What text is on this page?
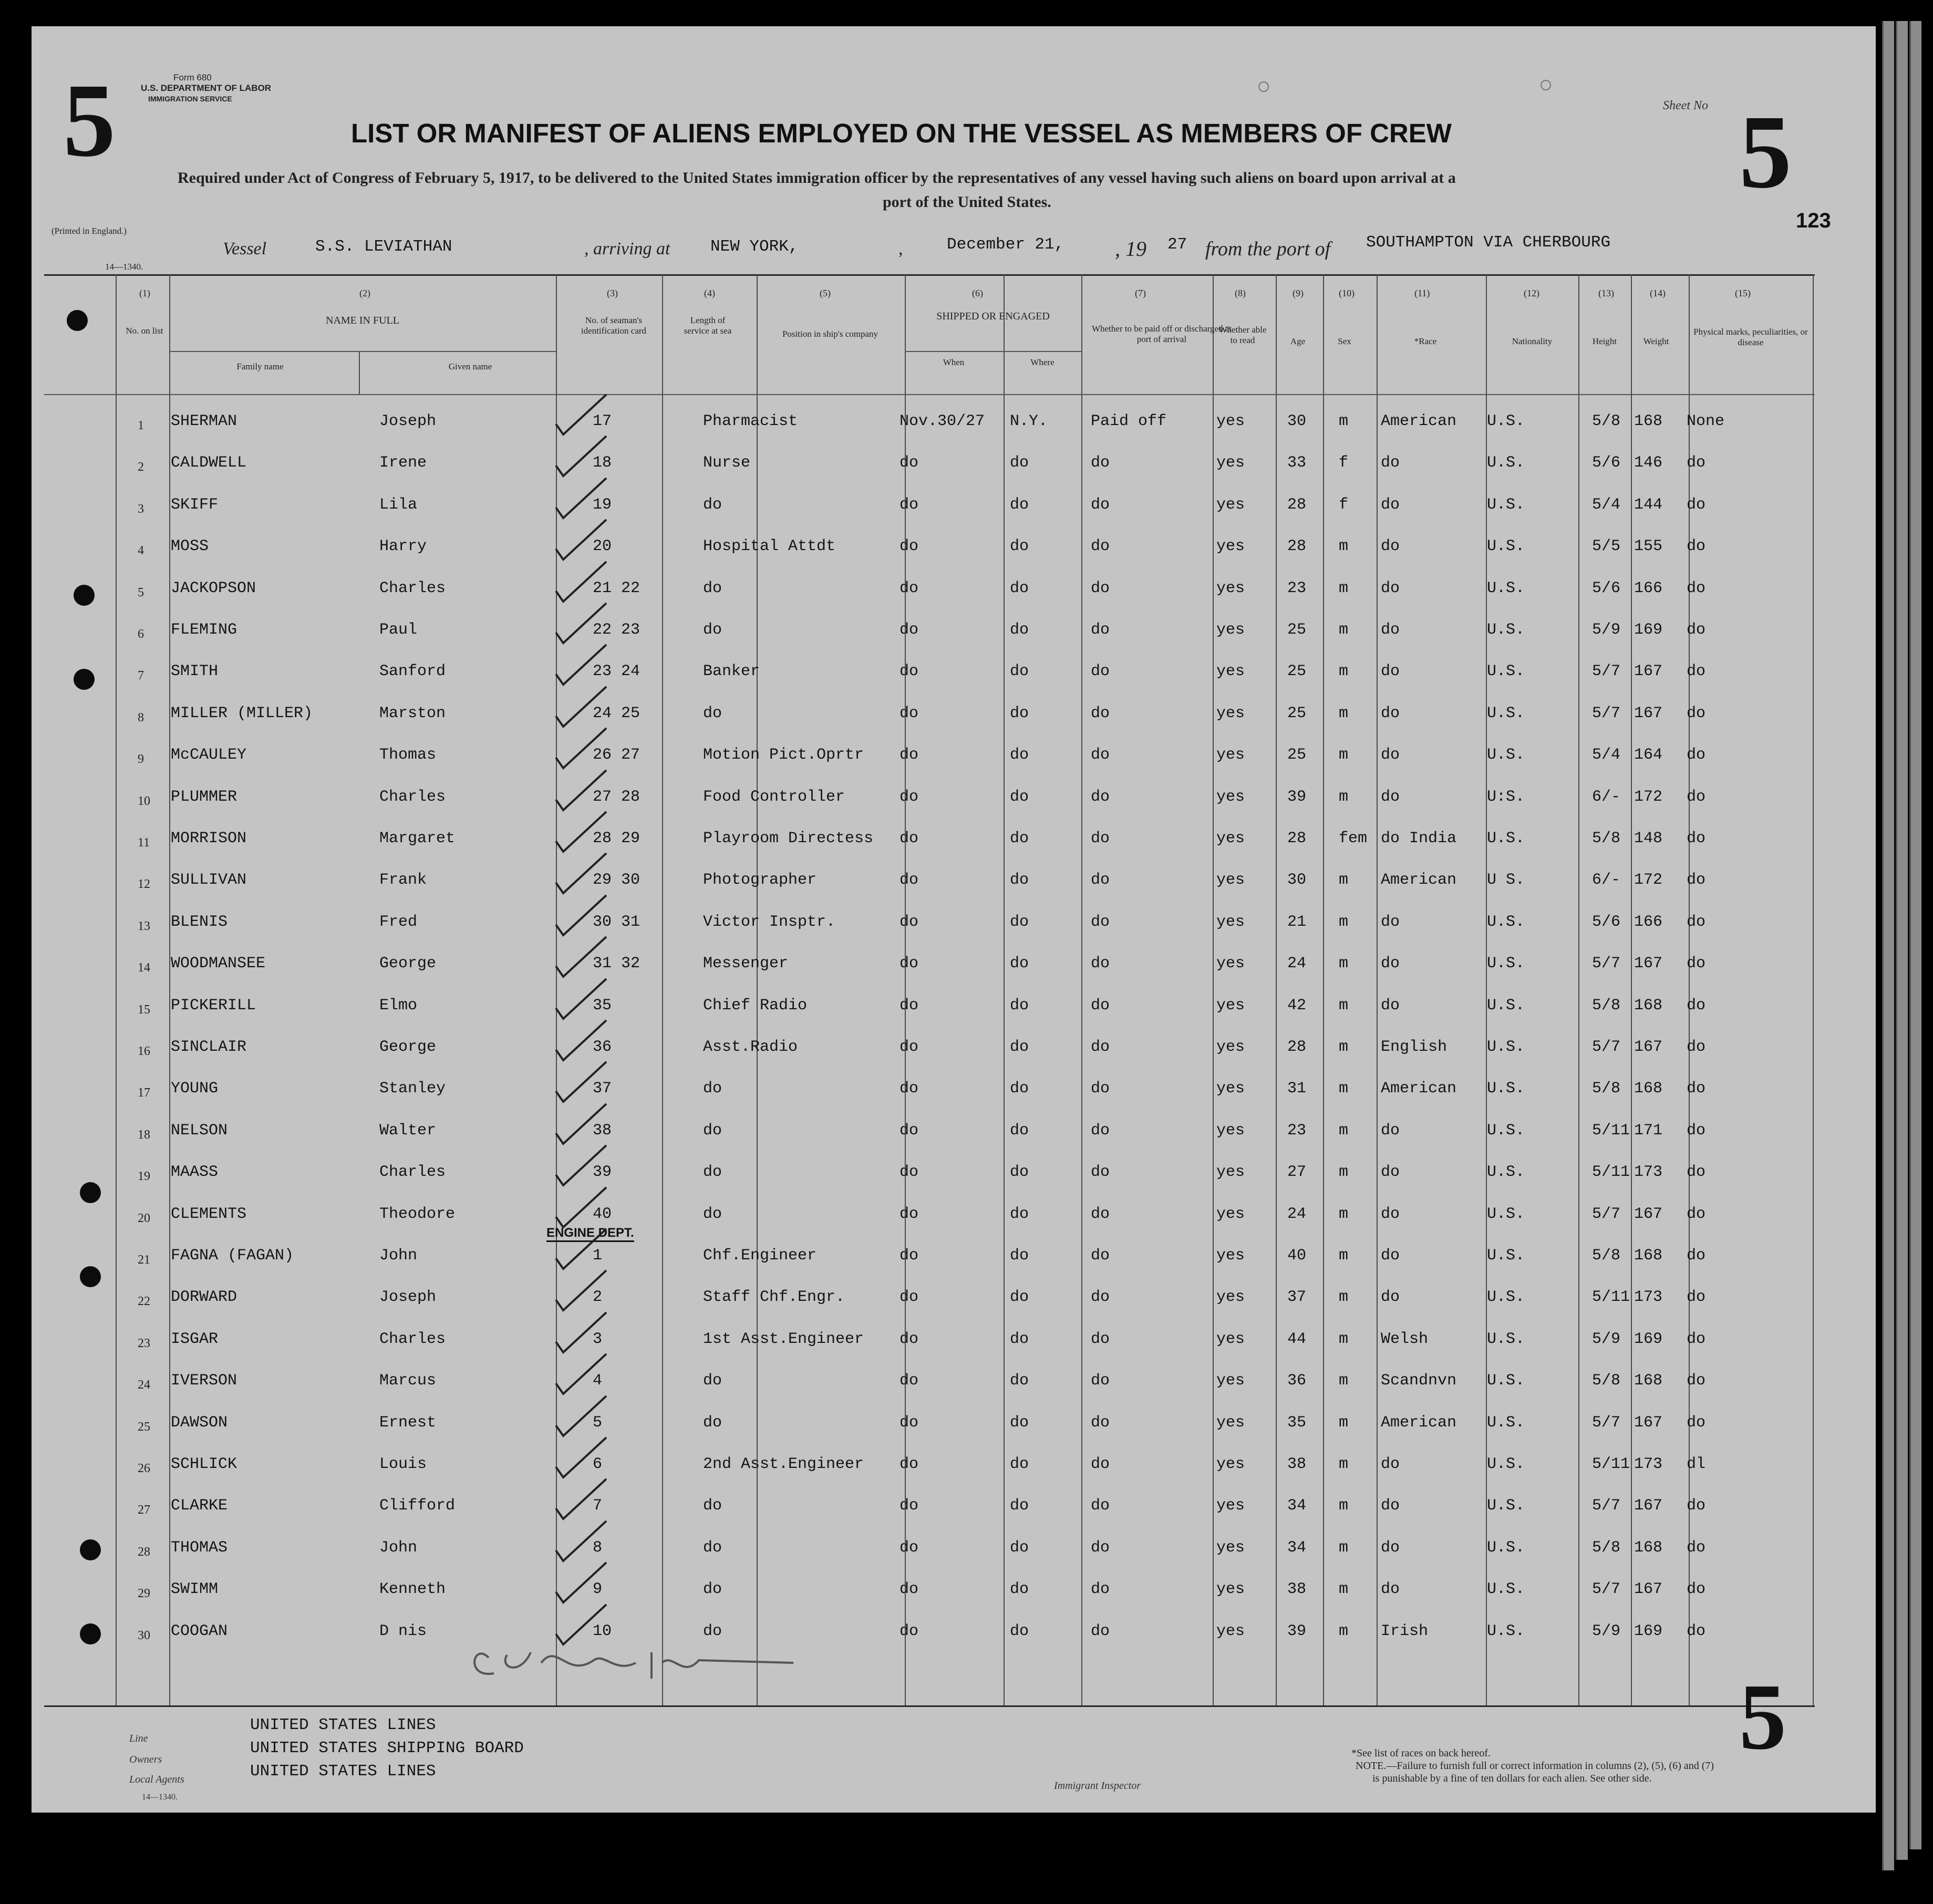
5	Form 680
U.S. DEPARTMENT OF LABOR
IMMIGRATION SERVICE	Sheet No 5
123
LIST OR MANIFEST OF ALIENS EMPLOYED ON THE VESSEL AS MEMBERS OF CREW
Required under Act of Congress of February 5, 1917, to be delivered to the United States immigration officer by the representatives of any vessel having such aliens on board upon arrival at a
port of the United States.
(Printed in England.)
14—1340.
Vessel	S.S. LEVIATHAN	, arriving at NEW YORK,	,	December 21, , 19 27 from the port of SOUTHAMPTON VIA CHERBOURG
(1)	(2)	(3)	(4)	(5)	(6)	(7)	(8)	(9)	(10)	(11)	(12)	(13)	(14)	(15)
No. on list
NAME IN FULL
Family name	Given name
No. of seaman's identification card
Length of service at sea	Position in ship's company
SHIPPED OR ENGAGED
When	Where
Whether to be paid off or discharged at port of arrival
Whether able to read	Age	Sex	*Race	Nationality	Height	Weight
Physical marks, peculiarities, or disease
ENGINE DEPT.
1 SHERMAN	Joseph	17	Pharmacist	Nov.30/27 N.Y.	Paid off	yes	30 m American U.S.	5/8 168 None
2 CALDWELL	Irene	18	Nurse	do	do	do	yes	33 f do	U.S.	5/6 146 do
3 SKIFF	Lila	19	do	do	do	do	yes	28 f do	U.S.	5/4 144 do
4 MOSS	Harry	20	Hospital Attdt	do	do	do	yes	28 m do	U.S.	5/5 155 do
5 JACKOPSON	Charles	21 22	do	do	do	do	yes	23 m do	U.S.	5/6 166 do
6 FLEMING	Paul	22 23	do	do	do	do	yes	25 m do	U.S.	5/9 169 do
7 SMITH	Sanford	23 24	Banker	do	do	do	yes	25 m do	U.S.	5/7 167 do
8 MILLER (MILLER)	Marston	24 25	do	do	do	do	yes	25 m do	U.S.	5/7 167 do
9 McCAULEY	Thomas	26 27	Motion Pict.Oprtr do	do	do	yes	25 m do	U.S.	5/4 164 do
10 PLUMMER	Charles	27 28	Food Controller	do	do	do	yes	39 m do	U:S.	6/- 172 do
11 MORRISON	Margaret	28 29	Playroom Directess do	do	do	yes	28 fem do India U.S.	5/8 148 do
12 SULLIVAN	Frank	29 30	Photographer	do	do	do	yes	30 m American U S.	6/- 172 do
13 BLENIS	Fred	30 31	Victor Insptr.	do	do	do	yes	21 m do	U.S.	5/6 166 do
14 WOODMANSEE	George	31 32	Messenger	do	do	do	yes	24 m do	U.S.	5/7 167 do
15 PICKERILL	Elmo	35	Chief Radio	do	do	do	yes	42 m do	U.S.	5/8 168 do
16 SINCLAIR	George	36	Asst.Radio	do	do	do	yes	28 m English	U.S.	5/7 167 do
17 YOUNG	Stanley	37	do	do	do	do	yes	31 m American U.S.	5/8 168 do
18 NELSON	Walter	38	do	do	do	do	yes	23 m do	U.S.	5/11 171 do
19 MAASS	Charles	39	do	do	do	do	yes	27 m do	U.S.	5/11 173 do
20 CLEMENTS	Theodore	40	do	do	do	do	yes	24 m do	U.S.	5/7 167 do
21 FAGNA (FAGAN)	John	1	Chf.Engineer	do	do	do	yes	40 m do	U.S.	5/8 168 do
22 DORWARD	Joseph	2	Staff Chf.Engr.	do	do	do	yes	37 m do	U.S.	5/11 173 do
23 ISGAR	Charles	3	1st Asst.Engineer do	do	do	yes	44 m Welsh	U.S.	5/9 169 do
24 IVERSON	Marcus	4	do	do	do	do	yes	36 m Scandnvn U.S.	5/8 168 do
25 DAWSON	Ernest	5	do	do	do	do	yes	35 m American U.S.	5/7 167 do
26 SCHLICK	Louis	6	2nd Asst.Engineer do	do	do	yes	38 m do	U.S.	5/11 173 dl
27 CLARKE	Clifford	7	do	do	do	do	yes	34 m do	U.S.	5/7 167 do
28 THOMAS	John	8	do	do	do	do	yes	34 m do	U.S.	5/8 168 do
29 SWIMM	Kenneth	9	do	do	do	do	yes	38 m do	U.S.	5/7 167 do
30 COOGAN	D nis	10	do	do	do	do	yes	39 m Irish	U.S.	5/9 169 do
Line
UNITED STATES LINES
Owners
UNITED STATES SHIPPING BOARD
Local Agents	UNITED STATES LINES
14—1340.
Immigrant Inspector
*See list of races on back hereof.
NOTE.—Failure to furnish full or correct information in columns (2), (5), (6) and (7)
is punishable by a fine of ten dollars for each alien. See other side.
5
